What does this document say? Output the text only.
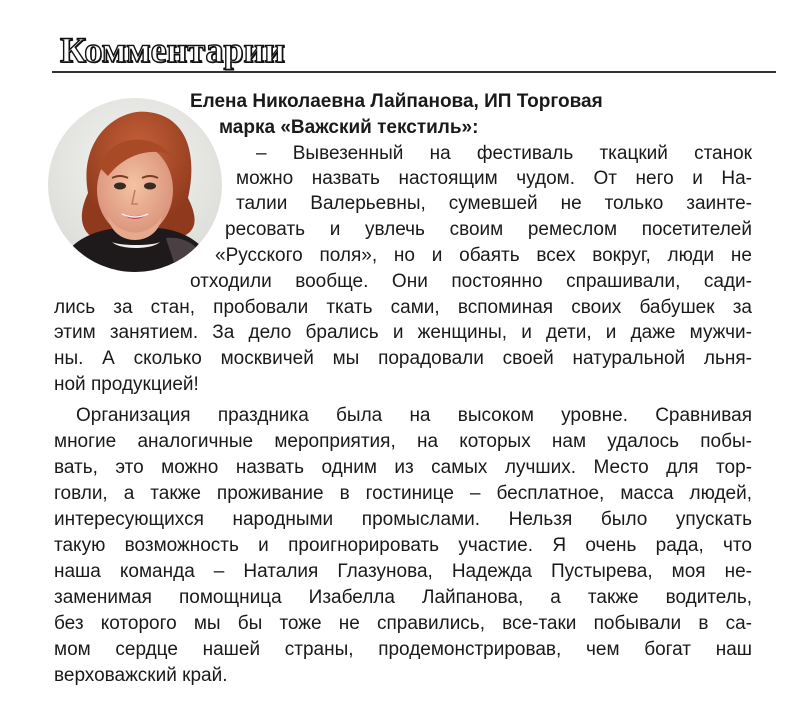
Комментарии
Елена Николаевна Лайпанова, ИП Торговая
марка «Важский текстиль»:
– Вывезенный на фестиваль ткацкий станок
можно назвать настоящим чудом. От него и На-
талии Валерьевны, сумевшей не только заинте-
ресовать и увлечь своим ремеслом посетителей
«Русского поля», но и обаять всех вокруг, люди не
отходили вообще. Они постоянно спрашивали, сади-
лись за стан, пробовали ткать сами, вспоминая своих бабушек за
этим занятием. За дело брались и женщины, и дети, и даже мужчи-
ны. А сколько москвичей мы порадовали своей натуральной льня-
ной продукцией!
Организация праздника была на высоком уровне. Сравнивая
многие аналогичные мероприятия, на которых нам удалось побы-
вать, это можно назвать одним из самых лучших. Место для тор-
говли, а также проживание в гостинице – бесплатное, масса людей,
интересующихся народными промыслами. Нельзя было упускать
такую возможность и проигнорировать участие. Я очень рада, что
наша команда – Наталия Глазунова, Надежда Пустырева, моя не-
заменимая помощница Изабелла Лайпанова, а также водитель,
без которого мы бы тоже не справились, все-таки побывали в са-
мом сердце нашей страны, продемонстрировав, чем богат наш
верховажский край.
